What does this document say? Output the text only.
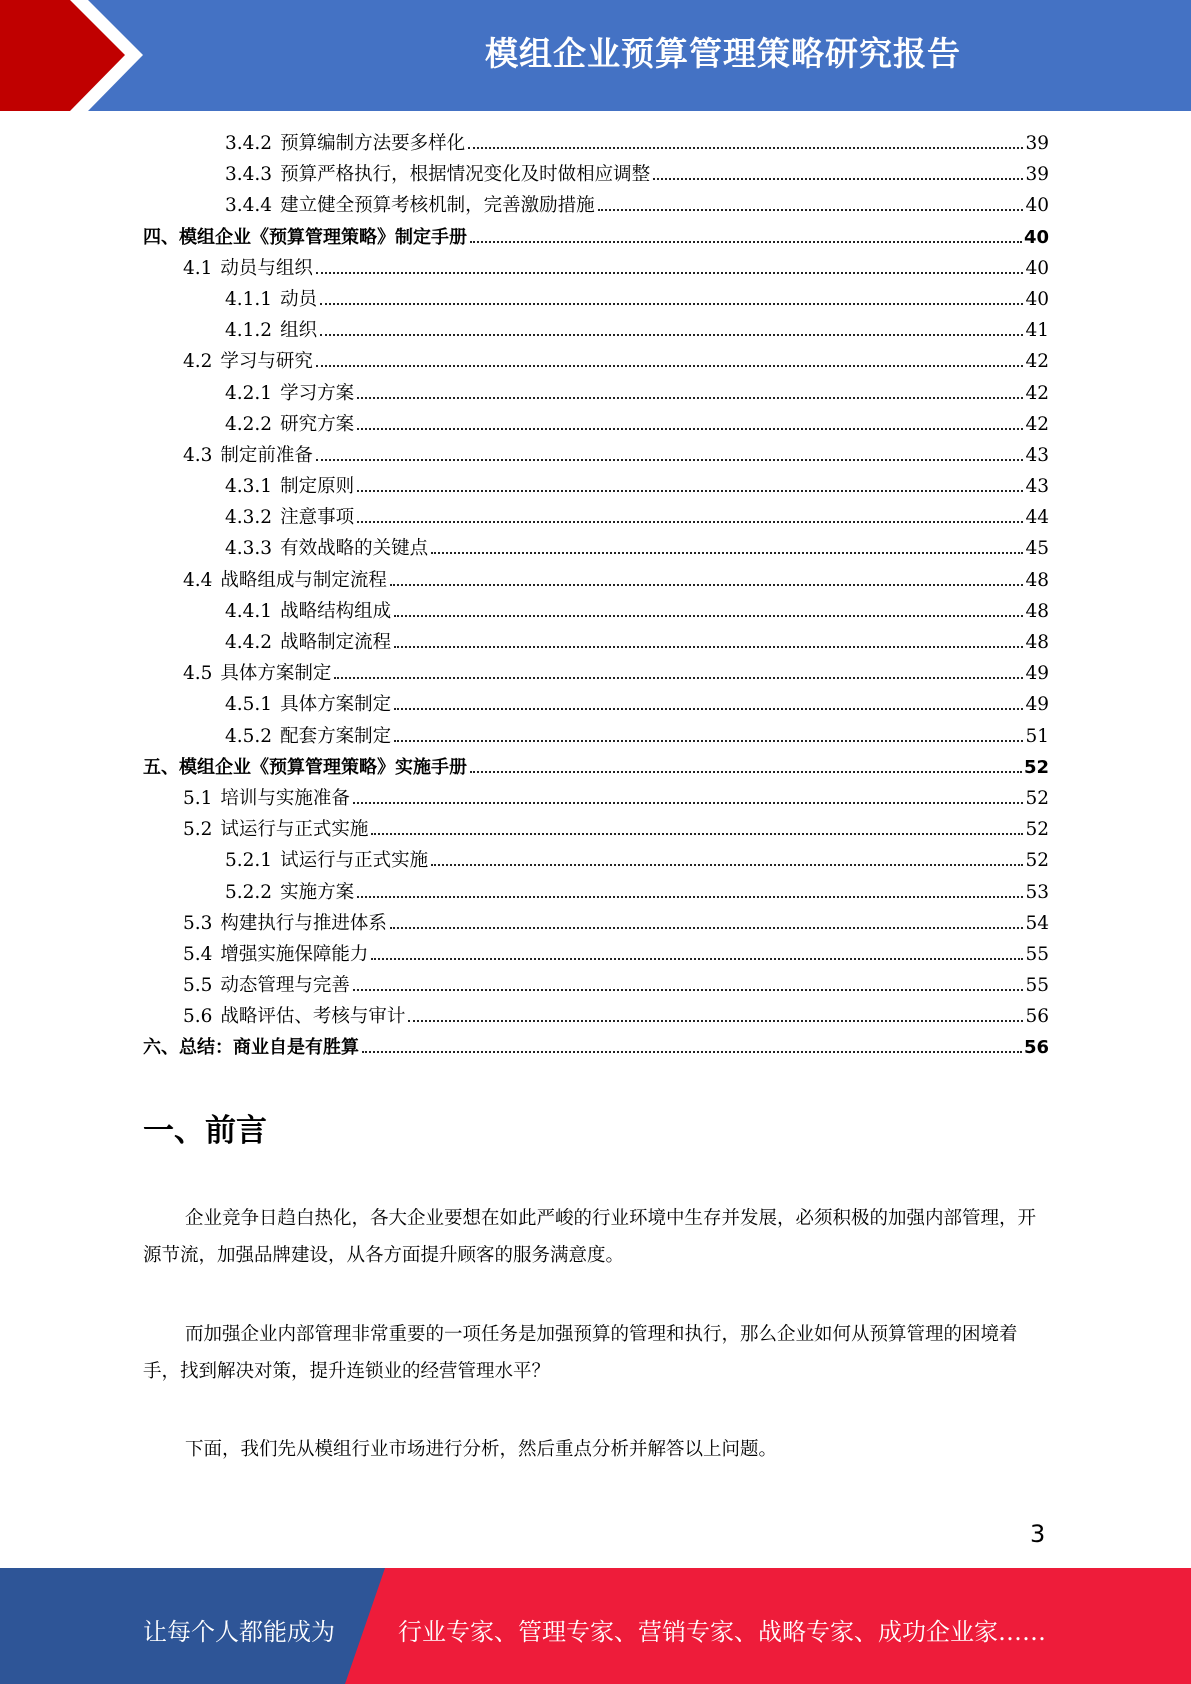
模组企业预算管理策略研究报告
3.4.2 预算编制方法要多样化	39
3.4.3 预算严格执行，根据情况变化及时做相应调整	39
3.4.4 建立健全预算考核机制，完善激励措施	40
四、 模组企业《预算管理策略》制定手册	40
4.1 动员与组织	40
4.1.1 动员	40
4.1.2 组织	41
4.2 学习与研究	42
4.2.1 学习方案	42
4.2.2 研究方案	42
4.3 制定前准备	43
4.3.1 制定原则	43
4.3.2 注意事项	44
4.3.3 有效战略的关键点	45
4.4 战略组成与制定流程	48
4.4.1 战略结构组成	48
4.4.2 战略制定流程	48
4.5 具体方案制定	49
4.5.1 具体方案制定	49
4.5.2 配套方案制定	51
五、 模组企业《预算管理策略》实施手册	52
5.1 培训与实施准备	52
5.2 试运行与正式实施	52
5.2.1 试运行与正式实施	52
5.2.2 实施方案	53
5.3 构建执行与推进体系	54
5.4 增强实施保障能力	55
5.5 动态管理与完善	55
5.6 战略评估、考核与审计	56
六、 总结：商业自是有胜算	56
一、前言

企业竞争日趋白热化，各大企业要想在如此严峻的行业环境中生存并发展，必须积极的加强内部管理，开源节流，加强品牌建设，从各方面提升顾客的服务满意度。

而加强企业内部管理非常重要的一项任务是加强预算的管理和执行，那么企业如何从预算管理的困境着手，找到解决对策，提升连锁业的经营管理水平？

下面，我们先从模组行业市场进行分析，然后重点分析并解答以上问题。

3
让每个人都能成为	行业专家、管理专家、营销专家、战略专家、成功企业家……
